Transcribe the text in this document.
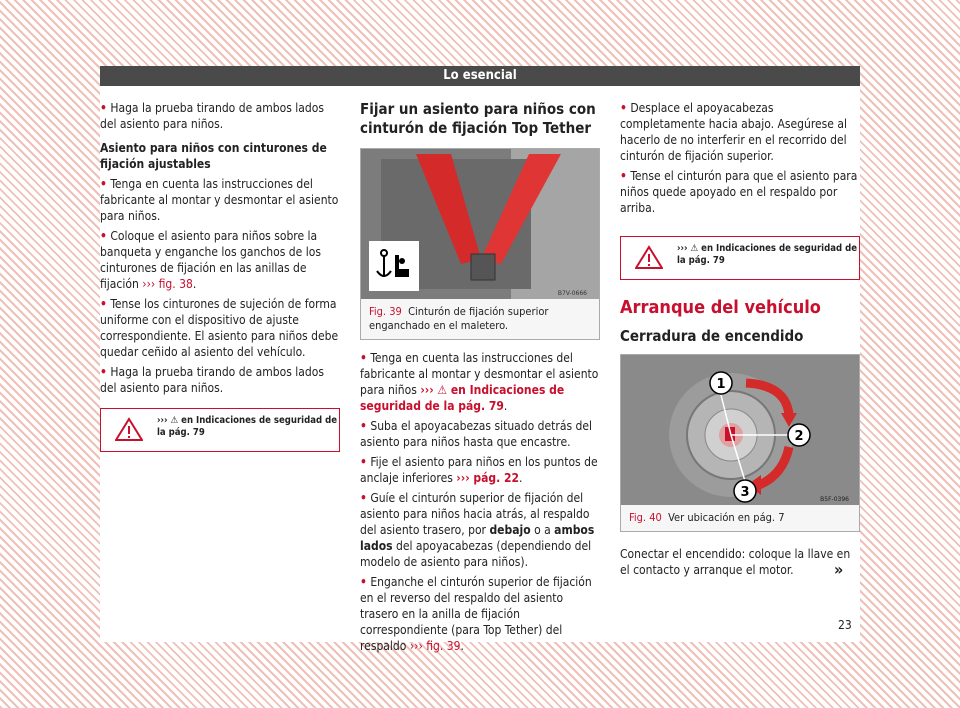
Lo esencial

• Haga la prueba tirando de ambos lados del asiento para niños.

Asiento para niños con cinturones de fijación ajustables

• Tenga en cuenta las instrucciones del fabricante al montar y desmontar el asiento para niños.

• Coloque el asiento para niños sobre la banqueta y enganche los ganchos de los cinturones de fijación en las anillas de fijación ››› fig. 38.

• Tense los cinturones de sujeción de forma uniforme con el dispositivo de ajuste correspondiente. El asiento para niños debe quedar ceñido al asiento del vehículo.

• Haga la prueba tirando de ambos lados del asiento para niños.

››› ⚠ en Indicaciones de seguridad de la pág. 79
Fijar un asiento para niños con cinturón de fijación Top Tether
B7V-0666
Fig. 39 Cinturón de fijación superior enganchado en el maletero.

• Tenga en cuenta las instrucciones del fabricante al montar y desmontar el asiento para niños ››› ⚠ en Indicaciones de seguridad de la pág. 79.

• Suba el apoyacabezas situado detrás del asiento para niños hasta que encastre.

• Fije el asiento para niños en los puntos de anclaje inferiores ››› pág. 22.

• Guíe el cinturón superior de fijación del asiento para niños hacia atrás, al respaldo del asiento trasero, por debajo o a ambos lados del apoyacabezas (dependiendo del modelo de asiento para niños).

• Enganche el cinturón superior de fijación en el reverso del respaldo del asiento trasero en la anilla de fijación correspondiente (para Top Tether) del respaldo ››› fig. 39.

• Desplace el apoyacabezas completamente hacia abajo. Asegúrese al hacerlo de no interferir en el recorrido del cinturón de fijación superior.

• Tense el cinturón para que el asiento para niños quede apoyado en el respaldo por arriba.

››› ⚠ en Indicaciones de seguridad de la pág. 79
Arranque del vehículo
Cerradura de encendido
1
2
3	B5F-0396
Fig. 40 Ver ubicación en pág. 7

Conectar el encendido: coloque la llave en el contacto y arranque el motor.	»
23
